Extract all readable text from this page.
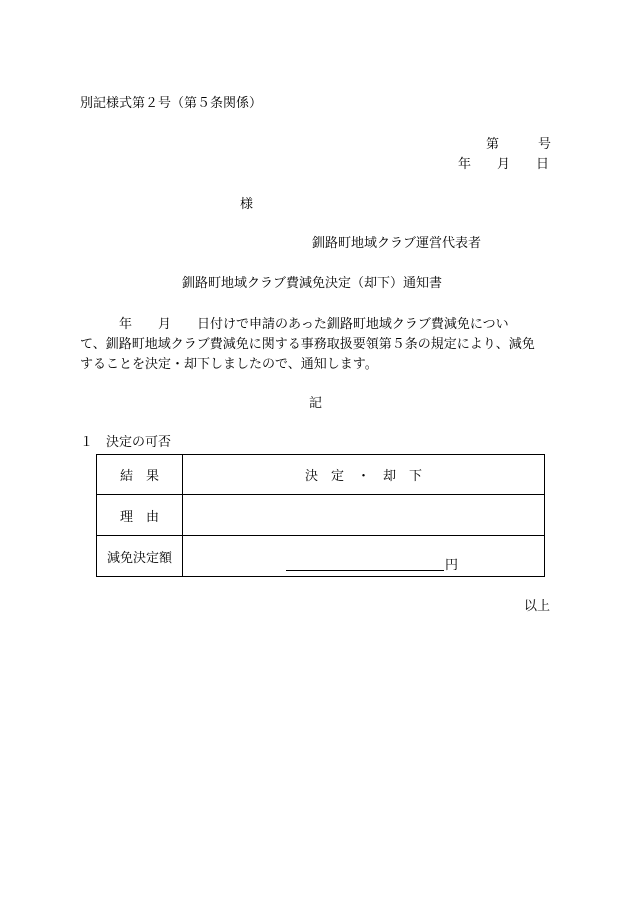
別記様式第２号（第５条関係）
第　　　号
年　　月　　日
様
釧路町地域クラブ運営代表者
釧路町地域クラブ費減免決定（却下）通知書

　　　年　　月　　日付けで申請のあった釧路町地域クラブ費減免につい

て、釧路町地域クラブ費減免に関する事務取扱要領第５条の規定により、減免

することを決定・却下しましたので、通知します。

記
１　決定の可否
結　果	決　定　・　却　下
理　由	
減免決定額	円
以上
